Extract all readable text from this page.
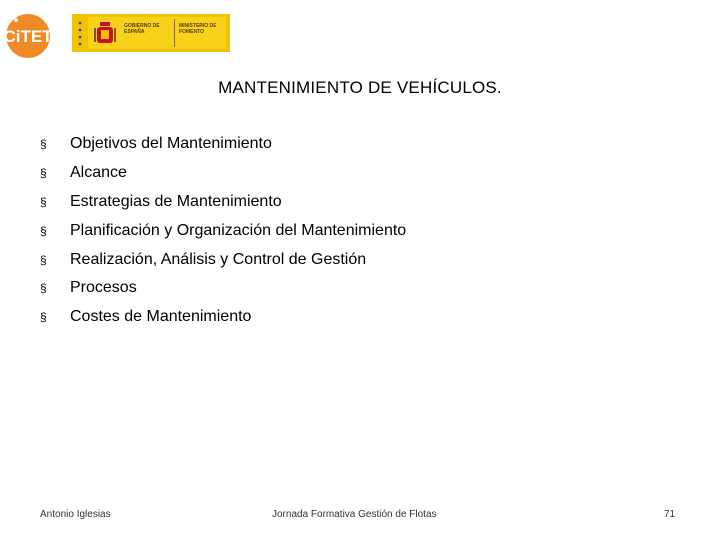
CiTET
GOBIERNO DE ESPAÑA
MINISTERIO DE FOMENTO
MANTENIMIENTO DE VEHÍCULOS.
§	Objetivos del Mantenimiento
§	Alcance
§	Estrategias de Mantenimiento
§	Planificación y Organización del Mantenimiento
§	Realización, Análisis y Control de Gestión
§	Procesos
§	Costes de Mantenimiento
Antonio Iglesias	Jornada Formativa Gestión de Flotas	71
